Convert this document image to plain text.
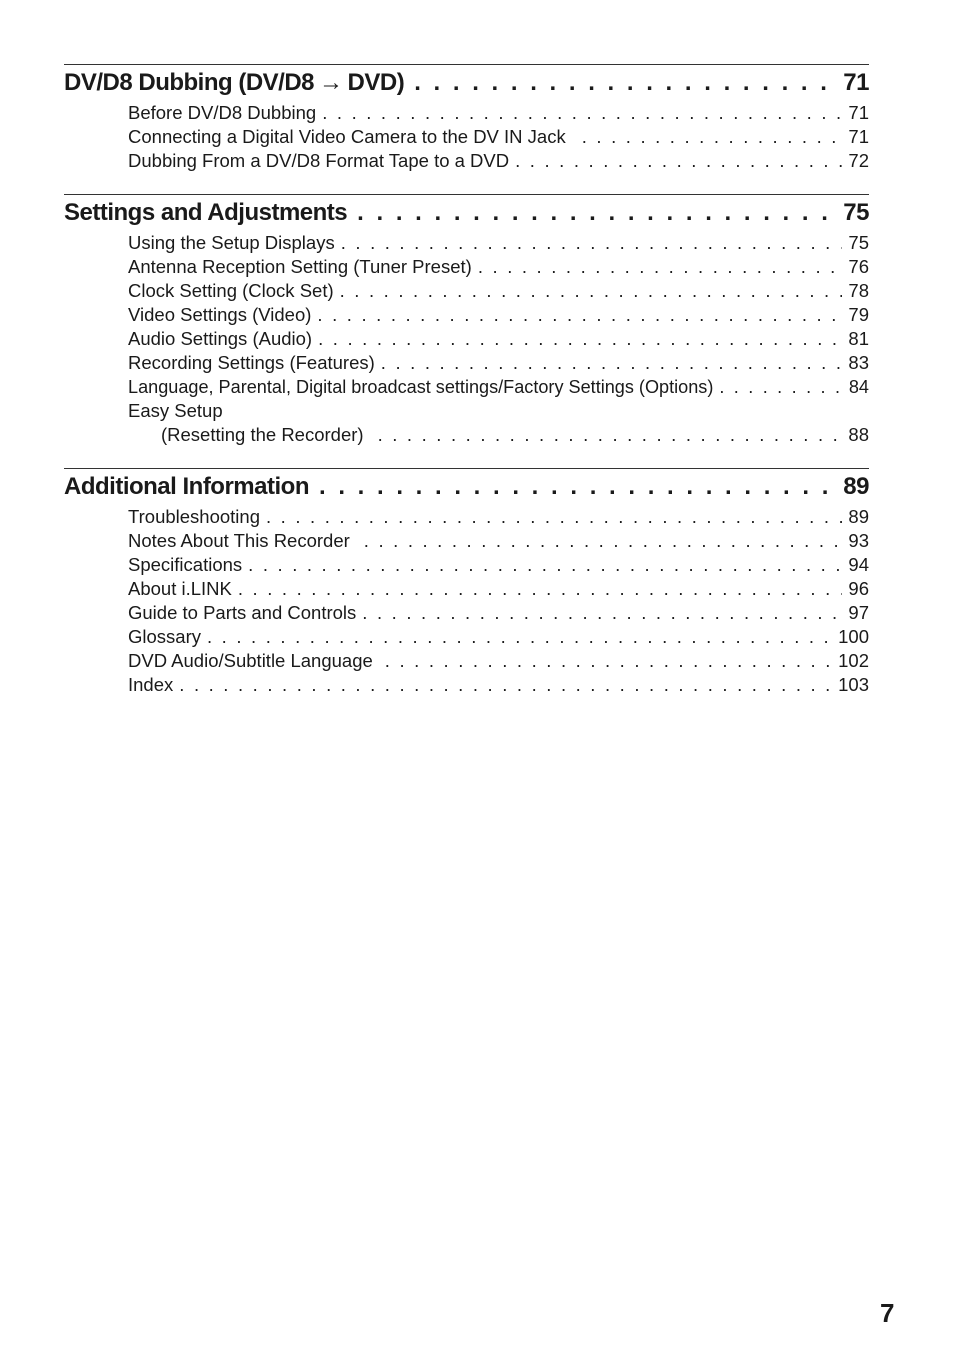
DV/D8 Dubbing (DV/D8 → DVD) . . .	71
Before DV/D8 Dubbing . . .	71
Connecting a Digital Video Camera to the DV IN Jack . . .	71
Dubbing From a DV/D8 Format Tape to a DVD . . .	72
Settings and Adjustments . . .	75
Using the Setup Displays . . .	75
Antenna Reception Setting (Tuner Preset) . . .	76
Clock Setting (Clock Set) . . .	78
Video Settings (Video) . . .	79
Audio Settings (Audio) . . .	81
Recording Settings (Features) . . .	83
Language, Parental, Digital broadcast settings/Factory Settings (Options) . . .	84
Easy Setup
(Resetting the Recorder) . . .	88
Additional Information . . .	89
Troubleshooting . . .	89
Notes About This Recorder . . .	93
Specifications . . .	94
About i.LINK . . .	96
Guide to Parts and Controls . . .	97
Glossary . . .	100
DVD Audio/Subtitle Language . . .	102
Index . . .	103
7
